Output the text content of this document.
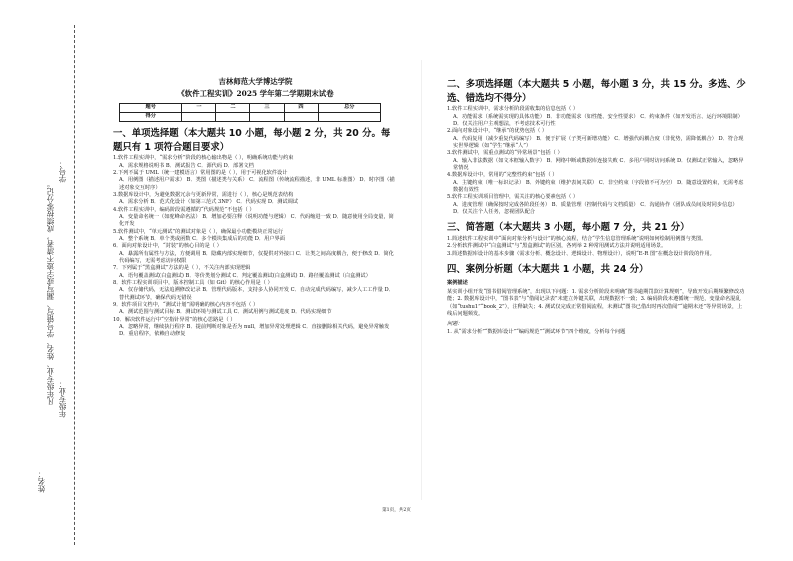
学号：
凡年级专业、姓名、学号错写、漏写或字迹不清者，成绩按零分记。 年级专业：
姓名：

吉林师范大学博达学院

《软件工程实训》2025 学年第二学期期末试卷

题号	一	二	三	四	总分
得分					
一、单项选择题（本大题共 10 小题，每小题 2 分，共 20 分。每题只有 1 项符合题目要求）

1.软件工程实训中，“需求分析”阶段的核心输出物是（ ），明确系统功能与约束

A．需求规格说明书 B．测试报告 C．源代码 D．部署文档

2.下列不属于 UML（统一建模语言）常用图的是（ ），用于可视化软件设计

A．用例图（描述用户需求） B．类图（描述类与关系） C．流程图（传统流程描述，非 UML 标准图） D．时序图（描述对象交互时序）

3.数据库设计中，为避免数据冗余与更新异常，需进行（ ），核心是规范表结构

A．需求分析 B．范式化设计（如第三范式 3NF） C．代码实现 D．测试调试

4.软件工程实训中，编码阶段需遵循的“代码规范”不包括（ ）

A．变量命名统一（如驼峰命名法） B．增加必要注释（说明功能与逻辑） C．代码缩进一致 D．随意使用全局变量，简化开发

5.软件测试中，“单元测试”的测试对象是（ ），确保最小功能模块正常运行

A．整个系统 B．单个类或函数 C．多个模块集成后的功能 D．用户界面

6．面向对象设计中，“封装”的核心目的是（ ）

A．暴露所有属性与方法，方便调用 B．隐藏内部实现细节，仅提供对外接口 C．让类之间高度耦合，便于修改 D．简化代码编写，无需考虑访问权限

7．下列属于“黑盒测试”方法的是（ ），不关注内部实现逻辑

A．语句覆盖测试(白盒测试) B．等价类划分测试 C．判定覆盖测试(白盒测试) D．路径覆盖测试（白盒测试）

8．软件工程实训项目中，版本控制工具（如 Git）的核心作用是（ ）

A．仅存储代码，无法追溯修改记录 B．管理代码版本，支持多人协同开发 C．自动完成代码编写，减少人工工作量 D．替代测试环节，确保代码无错误

9．软件项目文档中，“测试计划”需明确的核心内容不包括（ ）

A．测试范围与测试目标 B．测试环境与测试工具 C．测试用例与测试进度 D．代码实现细节

10．解决软件运行中“空指针异常”的核心思路是（ ）

A．忽略异常，继续执行程序 B．提前判断对象是否为 null，增加异常处理逻辑 C．直接删除相关代码，避免异常触发 D．重启程序，依赖自动修复

二、多项选择题（本大题共 5 小题，每小题 3 分，共 15 分。多选、少选、错选均不得分）

1.软件工程实训中，需求分析阶段需收集的信息包括（ ）

A．功能需求（系统需实现的具体功能） B．非功能需求（如性能、安全性要求） C．约束条件（如开发语言、运行环境限制） D．仅关注用户主观想法，不考虑技术可行性

2.面向对象设计中，“继承”的优势包括（ ）

A．代码复用（减少重复代码编写） B．便于扩展（子类可新增功能） C．增强代码耦合度（非优势，需降低耦合） D．符合现实世界逻辑（如“学生”继承“人”）

3.软件测试中，需重点测试的“异常场景”包括（ ）

A．输入非法数据（如文本框输入数字） B．网络中断或数据库连接失败 C．多用户同时访问系统 D．仅测试正常输入，忽略异常情况

4.数据库设计中，常用的“完整性约束”包括（ ）

A．主键约束（唯一标识记录） B．外键约束（维护表间关联） C．非空约束（字段值不可为空） D．随意设置约束，无需考虑数据有效性

5.软件工程实训项目管理中，需关注的核心要素包括（ ）

A．进度管理（确保按时完成各阶段任务） B．质量管理（控制代码与文档质量） C．沟通协作（团队成员间及时同步信息） D．仅关注个人任务，忽视团队配合

三、简答题（本大题共 3 小题，每小题 7 分，共 21 分）

1.简述软件工程实训中“面向对象分析与设计”的核心流程，结合“学生信息管理系统”说明如何绘制用例图与类图。

2.分析软件测试中“白盒测试”与“黑盒测试”的区别，各列举 2 种常用测试方法并说明适用场景。

3.简述数据库设计的基本步骤（需求分析、概念设计、逻辑设计、物理设计），说明“E-R 图”在概念设计阶段的作用。

四、案例分析题（本大题共 1 小题，共 24 分）

案例描述

某实训小组开发“图书借阅管理系统”，出现以下问题：1. 需求分析阶段未明确“图书逾期罚款计算规则”，导致开发后期频繁修改功能；2. 数据库设计中，“图书表”与“借阅记录表”未建立外键关联，出现数据不一致；3. 编码阶段未遵循统一规范，变量命名混乱（如“tushu1”“book_2”），注释缺失；4. 测试仅完成正常借阅流程，未测试“图书已借出时再次借阅”“逾期未还”等异常场景，上线后问题频发。

问题：

1. 从“需求分析”“数据库设计”“编码规范”“测试环节”四个维度，分析每个问题

第1页，共2页
